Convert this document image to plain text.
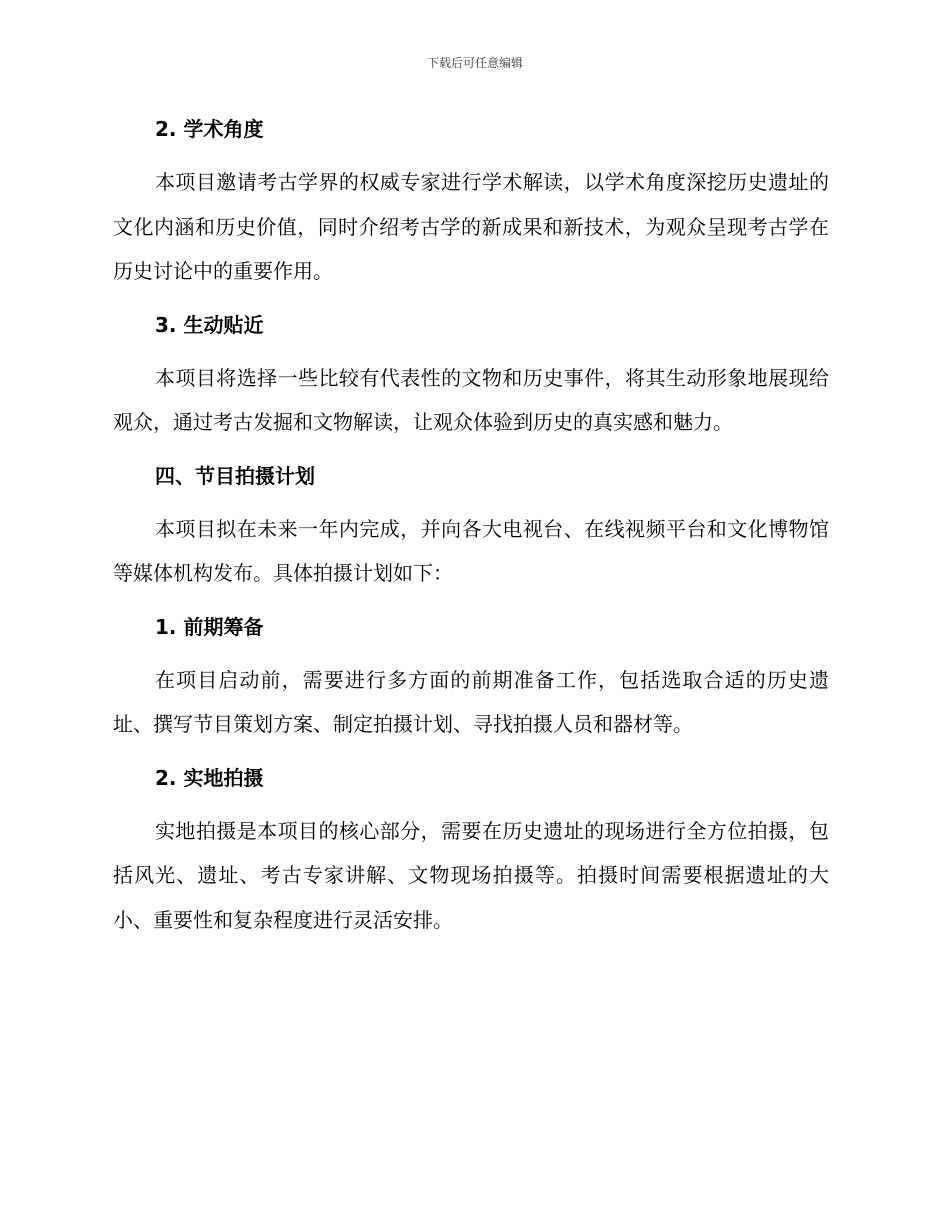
下载后可任意编辑
2. 学术角度

本项目邀请考古学界的权威专家进行学术解读，以学术角度深挖历史遗址的文化内涵和历史价值，同时介绍考古学的新成果和新技术，为观众呈现考古学在历史讨论中的重要作用。

3. 生动贴近

本项目将选择一些比较有代表性的文物和历史事件，将其生动形象地展现给观众，通过考古发掘和文物解读，让观众体验到历史的真实感和魅力。

四、节目拍摄计划

本项目拟在未来一年内完成，并向各大电视台、在线视频平台和文化博物馆等媒体机构发布。具体拍摄计划如下：

1. 前期筹备

在项目启动前，需要进行多方面的前期准备工作，包括选取合适的历史遗址、撰写节目策划方案、制定拍摄计划、寻找拍摄人员和器材等。

2. 实地拍摄

实地拍摄是本项目的核心部分，需要在历史遗址的现场进行全方位拍摄，包括风光、遗址、考古专家讲解、文物现场拍摄等。拍摄时间需要根据遗址的大小、重要性和复杂程度进行灵活安排。
